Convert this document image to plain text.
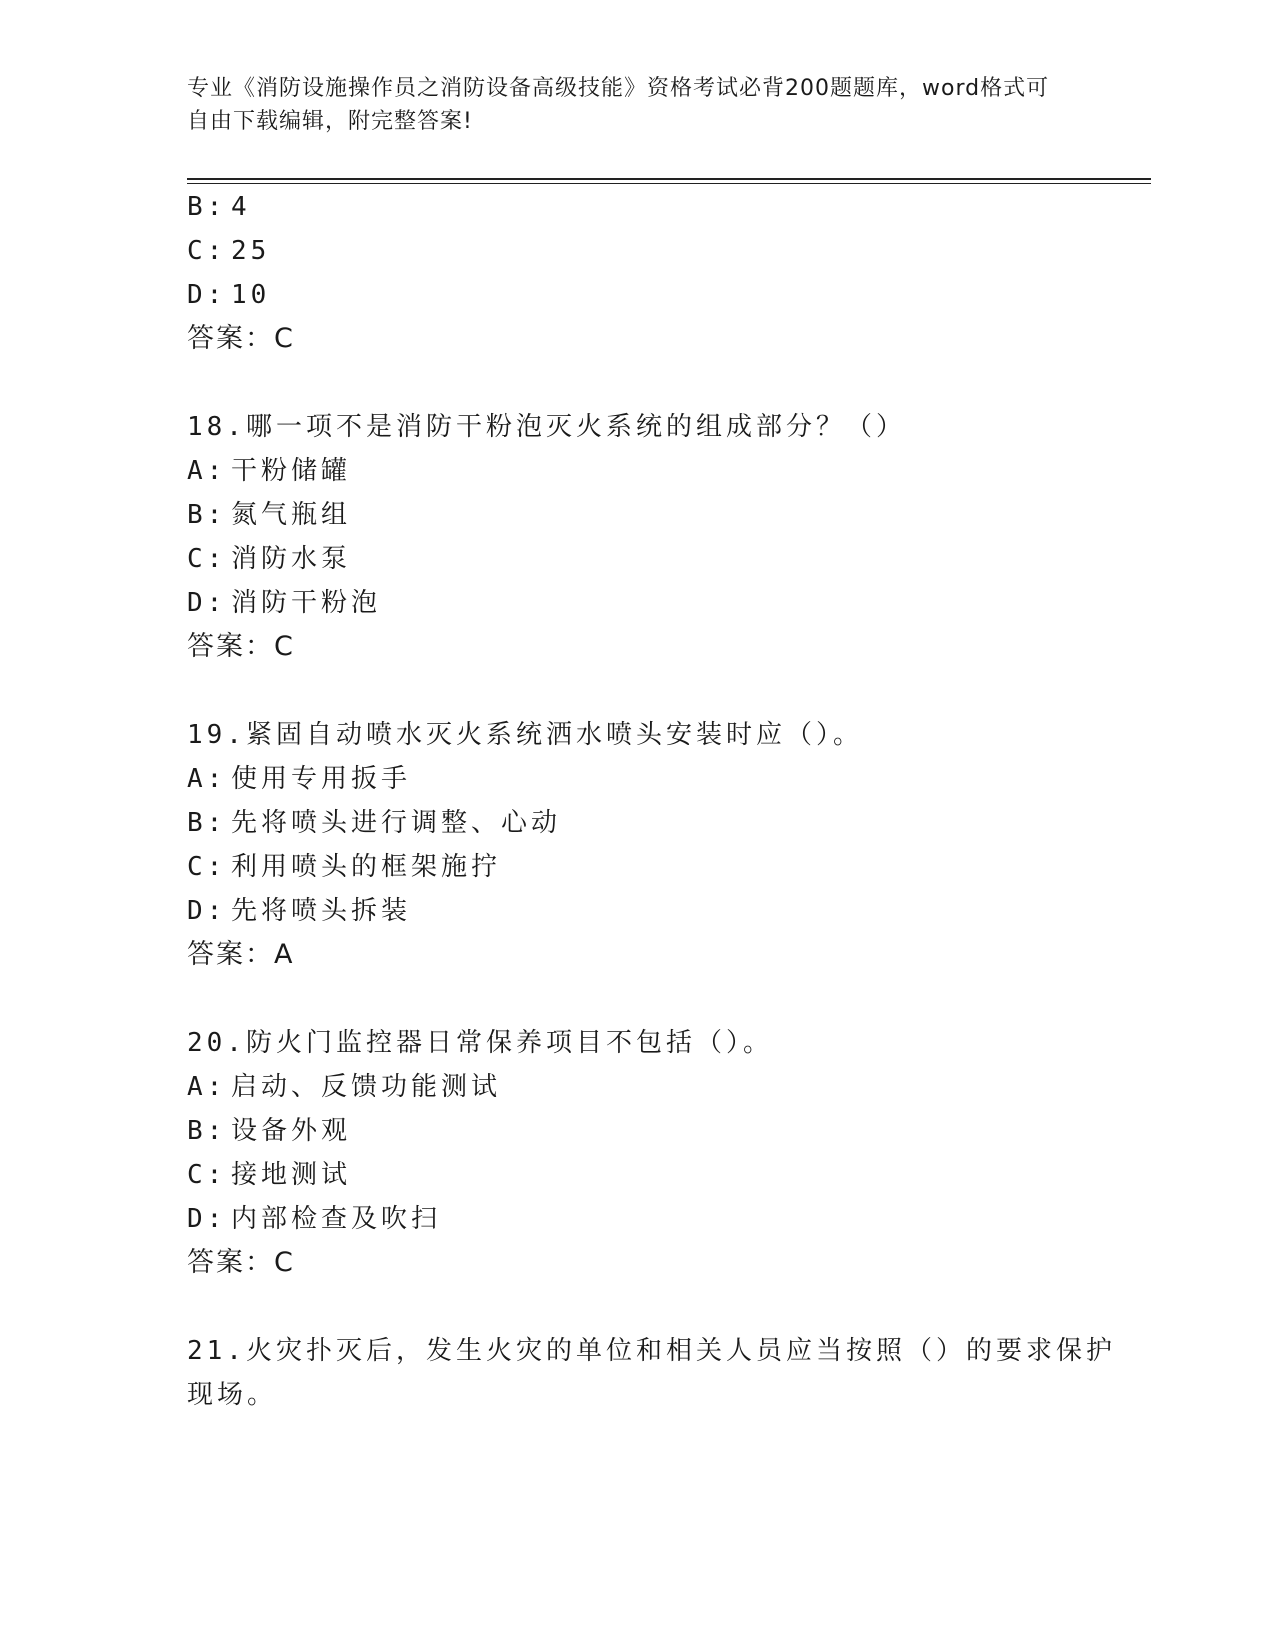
专业《消防设施操作员之消防设备高级技能》资格考试必背200题题库，word格式可自由下载编辑，附完整答案!
B: 4
C: 25
D: 10
答案：C
18.哪一项不是消防干粉泡灭火系统的组成部分？（）
A: 干粉储罐
B: 氮气瓶组
C: 消防水泵
D: 消防干粉泡
答案：C
19.紧固自动喷水灭火系统洒水喷头安装时应（）。
A: 使用专用扳手
B: 先将喷头进行调整、心动
C: 利用喷头的框架施拧
D: 先将喷头拆装
答案：A
20.防火门监控器日常保养项目不包括（）。
A: 启动、反馈功能测试
B: 设备外观
C: 接地测试
D: 内部检查及吹扫
答案：C
21.火灾扑灭后，发生火灾的单位和相关人员应当按照（）的要求保护
现场。
